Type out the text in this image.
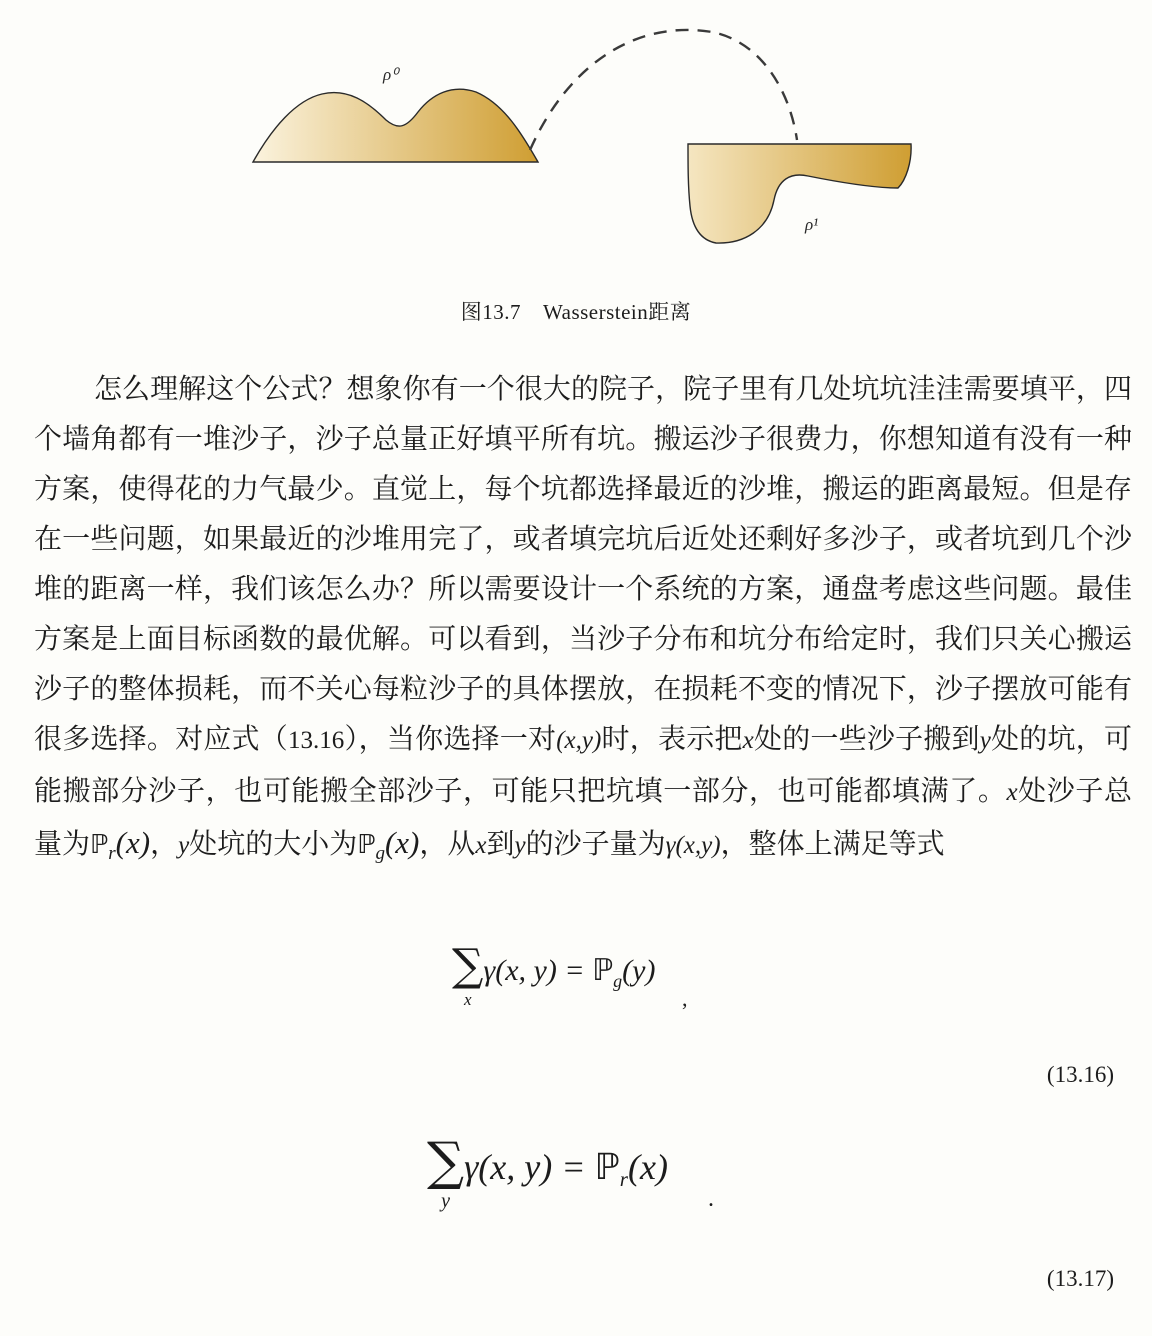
ρ⁰
ρ¹
图13.7 Wasserstein距离
怎么理解这个公式？想象你有一个很大的院子，院子里有几处坑坑洼洼需要填平，四个墙角都有一堆沙子，沙子总量正好填平所有坑。搬运沙子很费力，你想知道有没有一种方案，使得花的力气最少。直觉上，每个坑都选择最近的沙堆，搬运的距离最短。但是存在一些问题，如果最近的沙堆用完了，或者填完坑后近处还剩好多沙子，或者坑到几个沙堆的距离一样，我们该怎么办？所以需要设计一个系统的方案，通盘考虑这些问题。最佳方案是上面目标函数的最优解。可以看到，当沙子分布和坑分布给定时，我们只关心搬运沙子的整体损耗，而不关心每粒沙子的具体摆放，在损耗不变的情况下，沙子摆放可能有很多选择。对应式（13.16），当你选择一对(x,y)时，表示把x处的一些沙子搬到y处的坑，可能搬部分沙子，也可能搬全部沙子，可能只把坑填一部分，也可能都填满了。x处沙子总量为ℙ$_r$(x)，y处坑的大小为ℙ$_g$(x)，从x到y的沙子量为γ(x,y)，整体上满足等式
∑
x
γ(x, y) = ℙ$_g$(y)
,
(13.16)
∑
y
γ(x, y) = ℙ$_r$(x)
.
(13.17)
